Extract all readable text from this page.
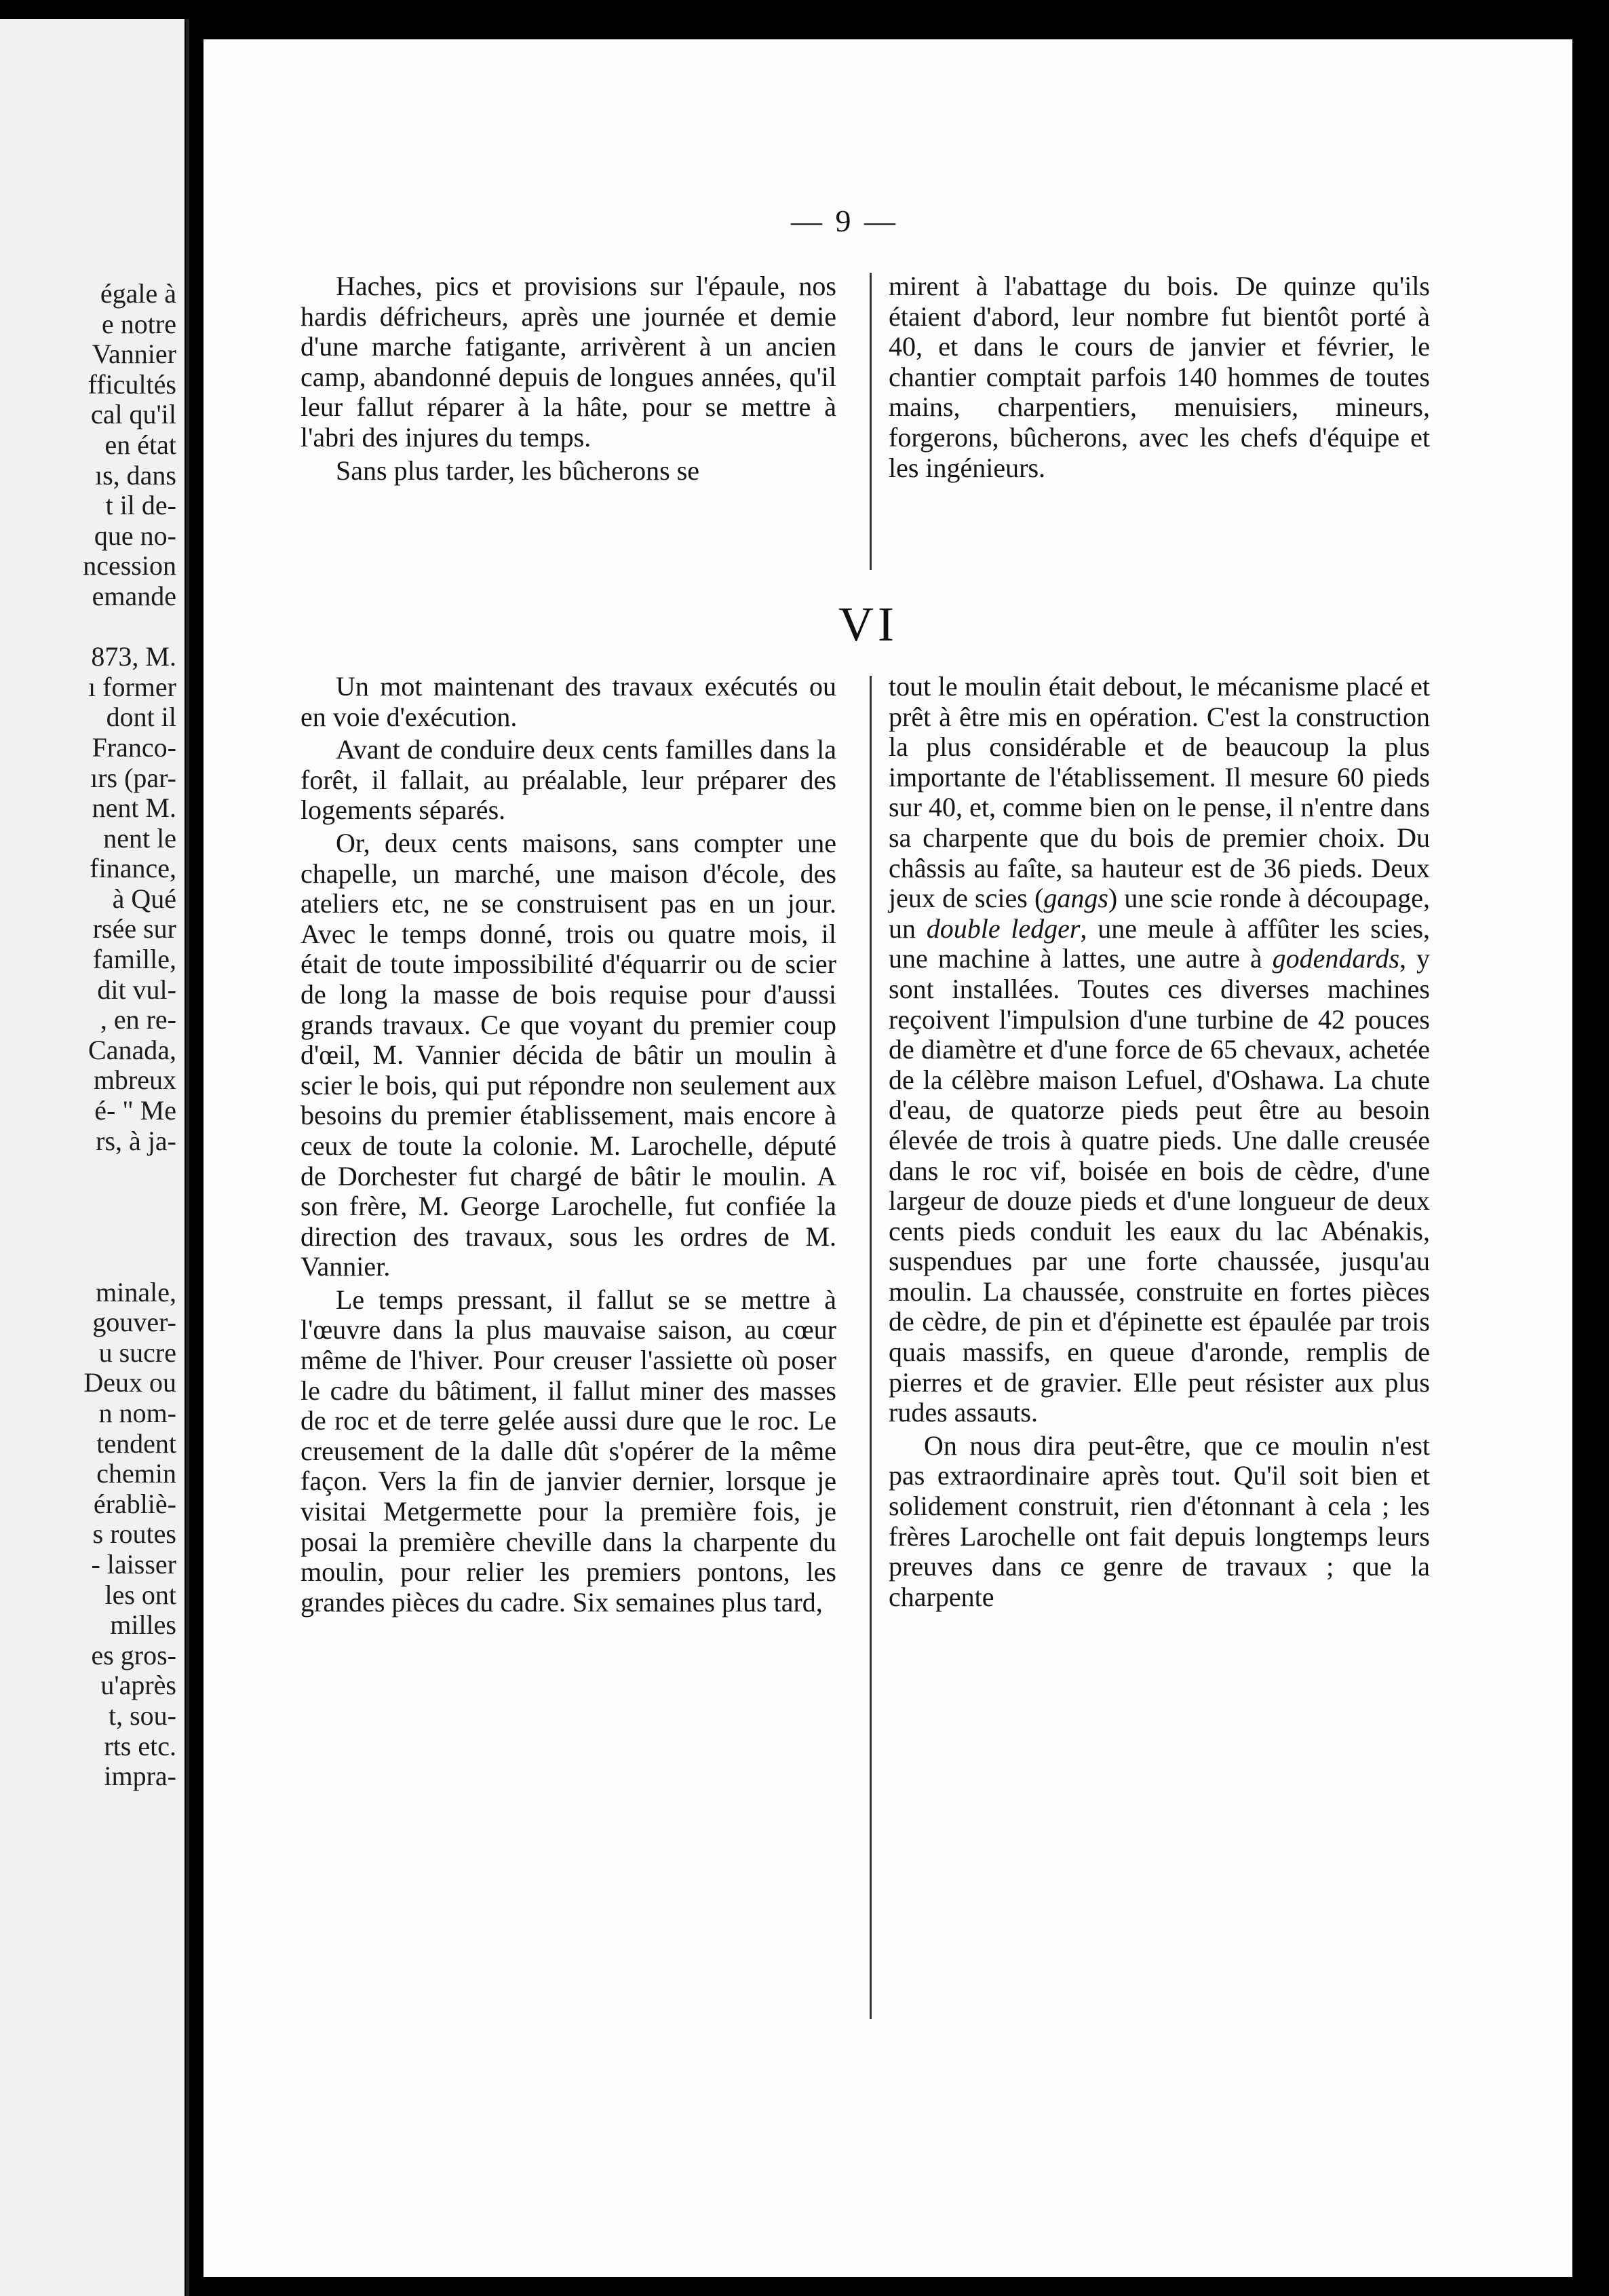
égale à
e notre
Vannier
fficultés
cal qu'il
en état
ıs, dans
t il de-
que no-
ncession
emande

873, M.
ı former
dont il
Franco-
ırs (par-
nent M.
nent le
finance,
à Qué
rsée sur
famille,
dit vul-
, en re-
Canada,
mbreux
é- " Me
rs, à ja-

minale,
gouver-
u sucre
Deux ou
n nom-
tendent
chemin
érabliè-
s routes
- laisser
les ont
milles
es gros-
u'après
t, sou-
rts etc.
impra-
— 9 —

Haches, pics et provisions sur l'épaule, nos hardis défricheurs, après une journée et demie d'une marche fatigante, arrivèrent à un ancien camp, abandonné depuis de longues années, qu'il leur fallut réparer à la hâte, pour se mettre à l'abri des injures du temps.

Sans plus tarder, les bûcherons se

mirent à l'abattage du bois. De quinze qu'ils étaient d'abord, leur nombre fut bientôt porté à 40, et dans le cours de janvier et février, le chantier comptait parfois 140 hommes de toutes mains, charpentiers, menuisiers, mineurs, forgerons, bûcherons, avec les chefs d'équipe et les ingénieurs.

VI

Un mot maintenant des travaux exécutés ou en voie d'exécution.

Avant de conduire deux cents familles dans la forêt, il fallait, au préalable, leur préparer des logements séparés.

Or, deux cents maisons, sans compter une chapelle, un marché, une maison d'école, des ateliers etc, ne se construisent pas en un jour. Avec le temps donné, trois ou quatre mois, il était de toute impossibilité d'équarrir ou de scier de long la masse de bois requise pour d'aussi grands travaux. Ce que voyant du premier coup d'œil, M. Vannier décida de bâtir un moulin à scier le bois, qui put répondre non seulement aux besoins du premier établissement, mais encore à ceux de toute la colonie. M. Larochelle, député de Dorchester fut chargé de bâtir le moulin. A son frère, M. George Larochelle, fut confiée la direction des travaux, sous les ordres de M. Vannier.

Le temps pressant, il fallut se se mettre à l'œuvre dans la plus mauvaise saison, au cœur même de l'hiver. Pour creuser l'assiette où poser le cadre du bâtiment, il fallut miner des masses de roc et de terre gelée aussi dure que le roc. Le creusement de la dalle dût s'opérer de la même façon. Vers la fin de janvier dernier, lorsque je visitai Metgermette pour la première fois, je posai la première cheville dans la charpente du moulin, pour relier les premiers pontons, les grandes pièces du cadre. Six semaines plus tard,

tout le moulin était debout, le mécanisme placé et prêt à être mis en opération. C'est la construction la plus considérable et de beaucoup la plus importante de l'établissement. Il mesure 60 pieds sur 40, et, comme bien on le pense, il n'entre dans sa charpente que du bois de premier choix. Du châssis au faîte, sa hauteur est de 36 pieds. Deux jeux de scies (gangs) une scie ronde à découpage, un double ledger, une meule à affûter les scies, une machine à lattes, une autre à godendards, y sont installées. Toutes ces diverses machines reçoivent l'impulsion d'une turbine de 42 pouces de diamètre et d'une force de 65 chevaux, achetée de la célèbre maison Lefuel, d'Oshawa. La chute d'eau, de quatorze pieds peut être au besoin élevée de trois à quatre pieds. Une dalle creusée dans le roc vif, boisée en bois de cèdre, d'une largeur de douze pieds et d'une longueur de deux cents pieds conduit les eaux du lac Abénakis, suspendues par une forte chaussée, jusqu'au moulin. La chaussée, construite en fortes pièces de cèdre, de pin et d'épinette est épaulée par trois quais massifs, en queue d'aronde, remplis de pierres et de gravier. Elle peut résister aux plus rudes assauts.

On nous dira peut-être, que ce moulin n'est pas extraordinaire après tout. Qu'il soit bien et solidement construit, rien d'étonnant à cela ; les frères Larochelle ont fait depuis longtemps leurs preuves dans ce genre de travaux ; que la charpente
